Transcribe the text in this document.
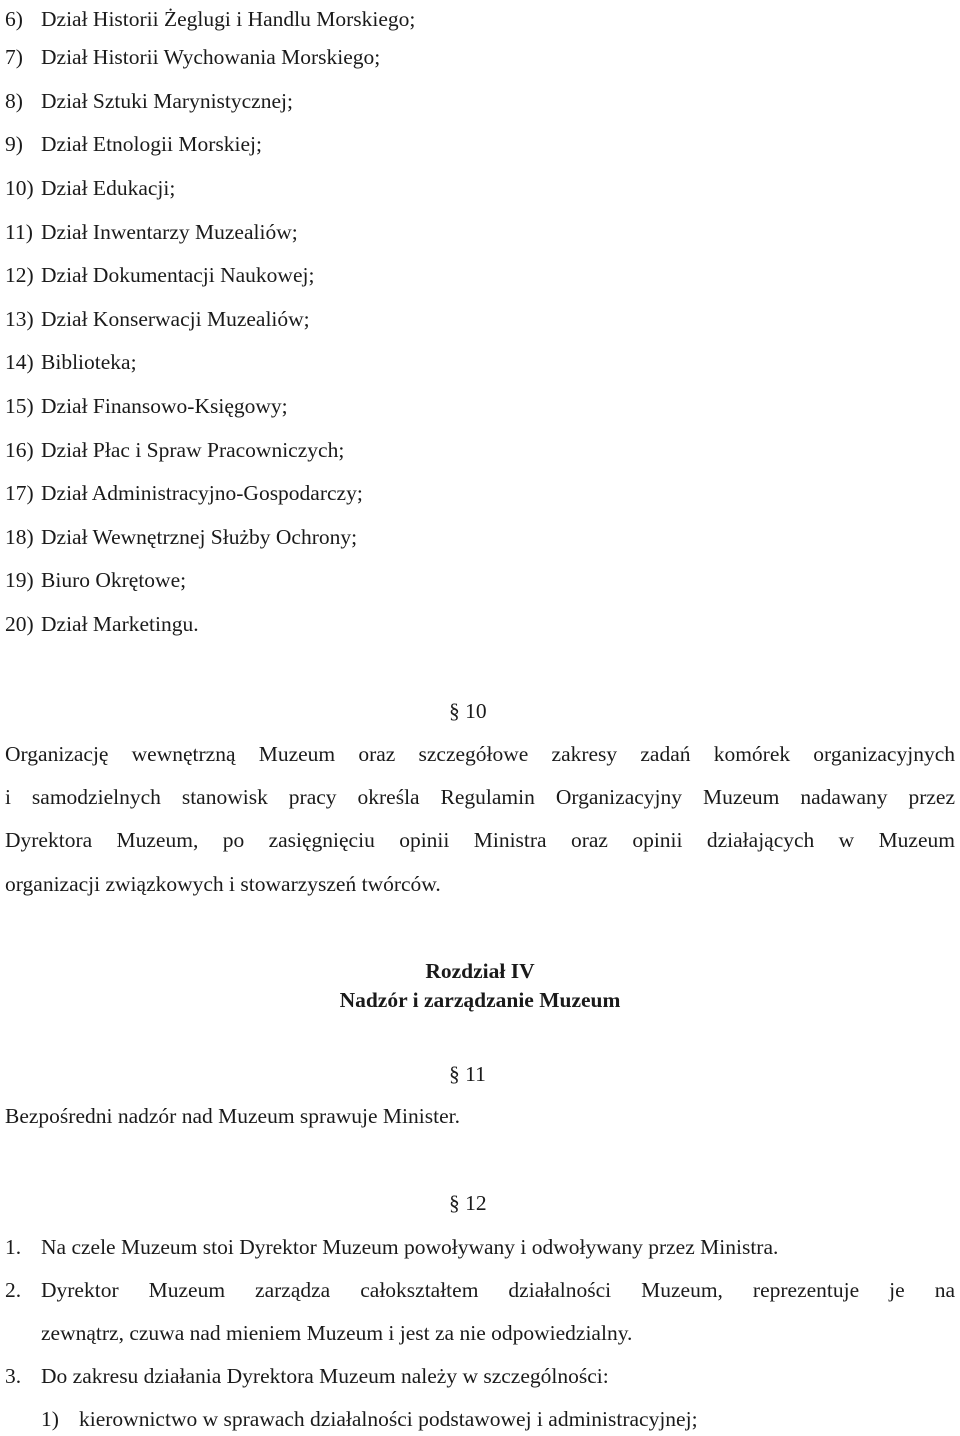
6) Dział Historii Żeglugi i Handlu Morskiego;
7) Dział Historii Wychowania Morskiego;
8) Dział Sztuki Marynistycznej;
9) Dział Etnologii Morskiej;
10) Dział Edukacji;
11) Dział Inwentarzy Muzealiów;
12) Dział Dokumentacji Naukowej;
13) Dział Konserwacji Muzealiów;
14) Biblioteka;
15) Dział Finansowo-Księgowy;
16) Dział Płac i Spraw Pracowniczych;
17) Dział Administracyjno-Gospodarczy;
18) Dział Wewnętrznej Służby Ochrony;
19) Biuro Okrętowe;
20) Dział Marketingu.
§ 10
Organizację wewnętrzną Muzeum oraz szczegółowe zakresy zadań komórek organizacyjnych
i samodzielnych stanowisk pracy określa Regulamin Organizacyjny Muzeum nadawany przez
Dyrektora Muzeum, po zasięgnięciu opinii Ministra oraz opinii działających w Muzeum
organizacji związkowych i stowarzyszeń twórców.
Rozdział IV
Nadzór i zarządzanie Muzeum
§ 11
Bezpośredni nadzór nad Muzeum sprawuje Minister.
§ 12
1. Na czele Muzeum stoi Dyrektor Muzeum powoływany i odwoływany przez Ministra.
2. Dyrektor Muzeum zarządza całokształtem działalności Muzeum, reprezentuje je na
zewnątrz, czuwa nad mieniem Muzeum i jest za nie odpowiedzialny.
3. Do zakresu działania Dyrektora Muzeum należy w szczególności:
1) kierownictwo w sprawach działalności podstawowej i administracyjnej;
